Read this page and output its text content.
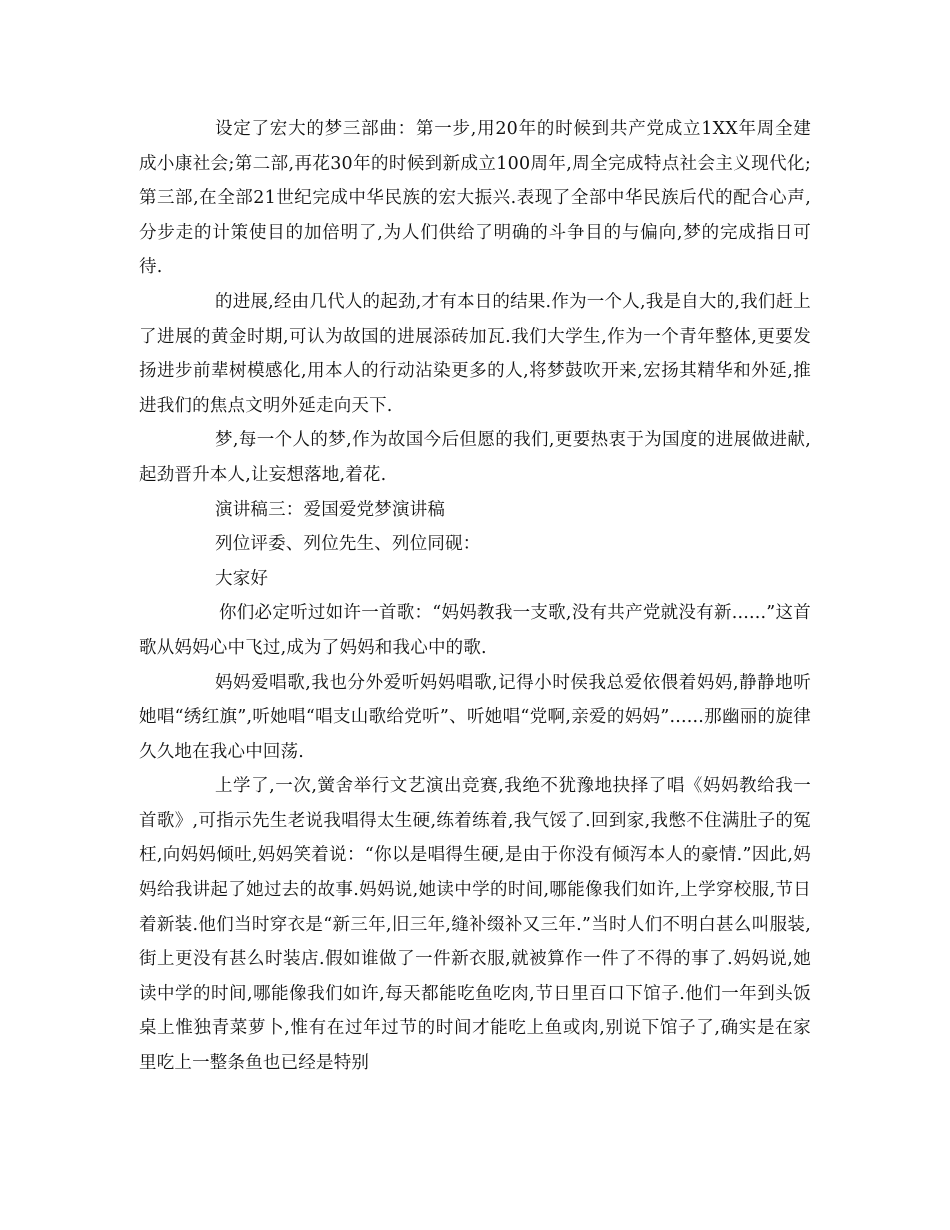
设定了宏大的梦三部曲：第一步,用20年的时候到共产党成立1XX年周全建成小康社会;第二部,再花30年的时候到新成立100周年,周全完成特点社会主义现代化;第三部,在全部21世纪完成中华民族的宏大振兴.表现了全部中华民族后代的配合心声,分步走的计策使目的加倍明了,为人们供给了明确的斗争目的与偏向,梦的完成指日可待.

的进展,经由几代人的起劲,才有本日的结果.作为一个人,我是自大的,我们赶上了进展的黄金时期,可认为故国的进展添砖加瓦.我们大学生,作为一个青年整体,更要发扬进步前辈树模感化,用本人的行动沾染更多的人,将梦鼓吹开来,宏扬其精华和外延,推进我们的焦点文明外延走向天下.

梦,每一个人的梦,作为故国今后但愿的我们,更要热衷于为国度的进展做进献,起劲晋升本人,让妄想落地,着花.

演讲稿三：爱国爱党梦演讲稿

列位评委、列位先生、列位同砚：

大家好

你们必定听过如许一首歌：“妈妈教我一支歌,没有共产党就没有新......”这首歌从妈妈心中飞过,成为了妈妈和我心中的歌.

妈妈爱唱歌,我也分外爱听妈妈唱歌,记得小时侯我总爱依偎着妈妈,静静地听她唱“绣红旗”,听她唱“唱支山歌给党听”、听她唱“党啊,亲爱的妈妈”......那幽丽的旋律久久地在我心中回荡.

上学了,一次,黉舍举行文艺演出竞赛,我绝不犹豫地抉择了唱《妈妈教给我一首歌》,可指示先生老说我唱得太生硬,练着练着,我气馁了.回到家,我憋不住满肚子的冤枉,向妈妈倾吐,妈妈笑着说：“你以是唱得生硬,是由于你没有倾泻本人的豪情.”因此,妈妈给我讲起了她过去的故事.妈妈说,她读中学的时间,哪能像我们如许,上学穿校服,节日着新装.他们当时穿衣是“新三年,旧三年,缝补缀补又三年.”当时人们不明白甚么叫服装,街上更没有甚么时装店.假如谁做了一件新衣服,就被算作一件了不得的事了.妈妈说,她读中学的时间,哪能像我们如许,每天都能吃鱼吃肉,节日里百口下馆子.他们一年到头饭桌上惟独青菜萝卜,惟有在过年过节的时间才能吃上鱼或肉,别说下馆子了,确实是在家里吃上一整条鱼也已经是特别
